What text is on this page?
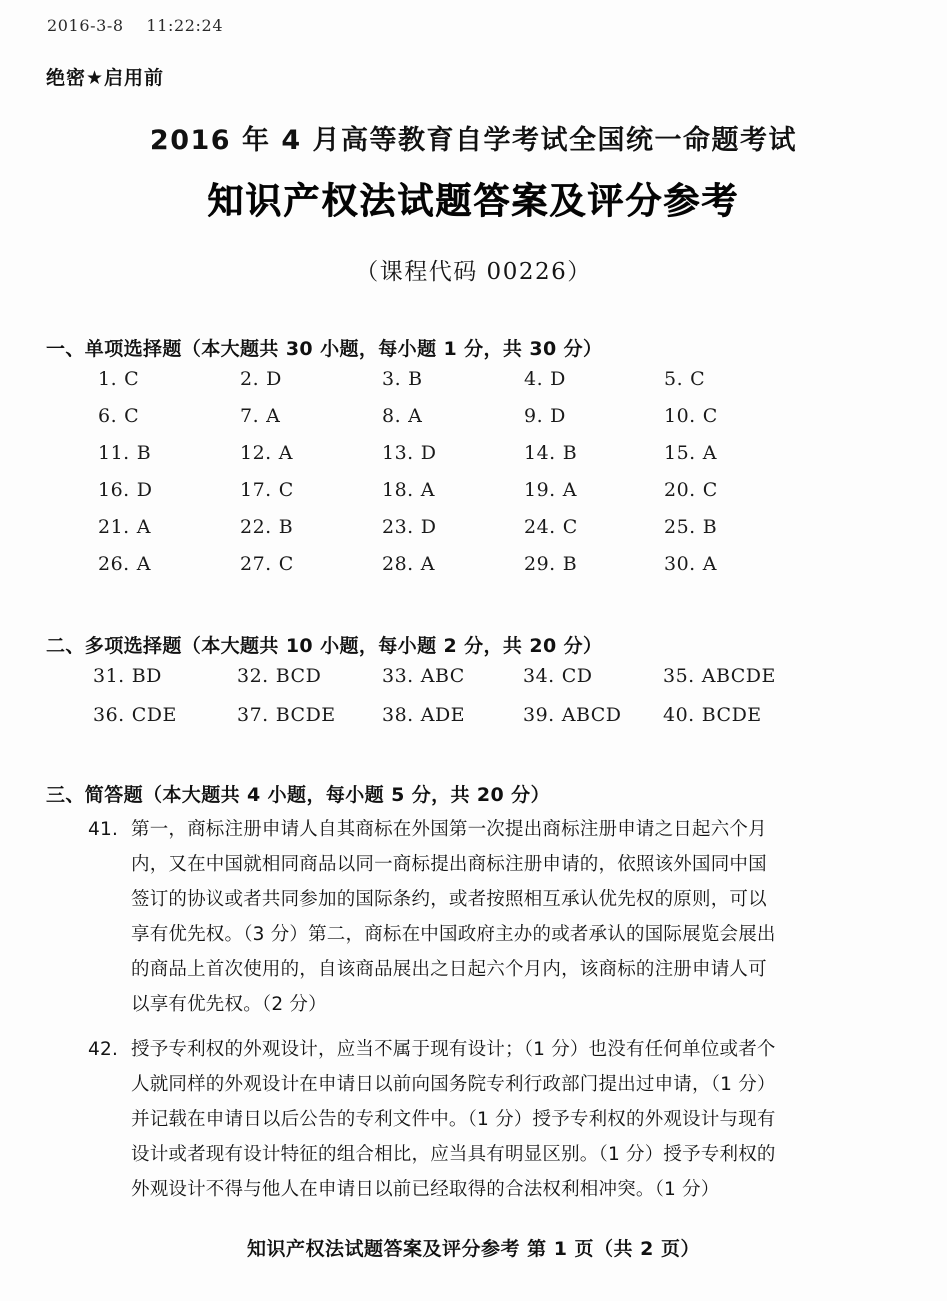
2016-3-8    11:22:24
绝密★启用前
2016 年 4 月高等教育自学考试全国统一命题考试
知识产权法试题答案及评分参考
（课程代码 00226）
一、单项选择题（本大题共 30 小题，每小题 1 分，共 30 分）
1. C	2. D	3. B	4. D	5. C
6. C	7. A	8. A	9. D	10. C
11. B	12. A	13. D	14. B	15. A
16. D	17. C	18. A	19. A	20. C
21. A	22. B	23. D	24. C	25. B
26. A	27. C	28. A	29. B	30. A
二、多项选择题（本大题共 10 小题，每小题 2 分，共 20 分）
31. BD	32. BCD	33. ABC	34. CD	35. ABCDE
36. CDE	37. BCDE 38. ADE	39. ABCD 40. BCDE
三、简答题（本大题共 4 小题，每小题 5 分，共 20 分）
41. 第一，商标注册申请人自其商标在外国第一次提出商标注册申请之日起六个月
内，又在中国就相同商品以同一商标提出商标注册申请的，依照该外国同中国
签订的协议或者共同参加的国际条约，或者按照相互承认优先权的原则，可以
享有优先权。（3 分）第二，商标在中国政府主办的或者承认的国际展览会展出
的商品上首次使用的，自该商品展出之日起六个月内，该商标的注册申请人可
以享有优先权。（2 分）
42. 授予专利权的外观设计，应当不属于现有设计；（1 分）也没有任何单位或者个
人就同样的外观设计在申请日以前向国务院专利行政部门提出过申请，（1 分）
并记载在申请日以后公告的专利文件中。（1 分）授予专利权的外观设计与现有
设计或者现有设计特征的组合相比，应当具有明显区别。（1 分）授予专利权的
外观设计不得与他人在申请日以前已经取得的合法权利相冲突。（1 分）
知识产权法试题答案及评分参考 第 1 页（共 2 页）
